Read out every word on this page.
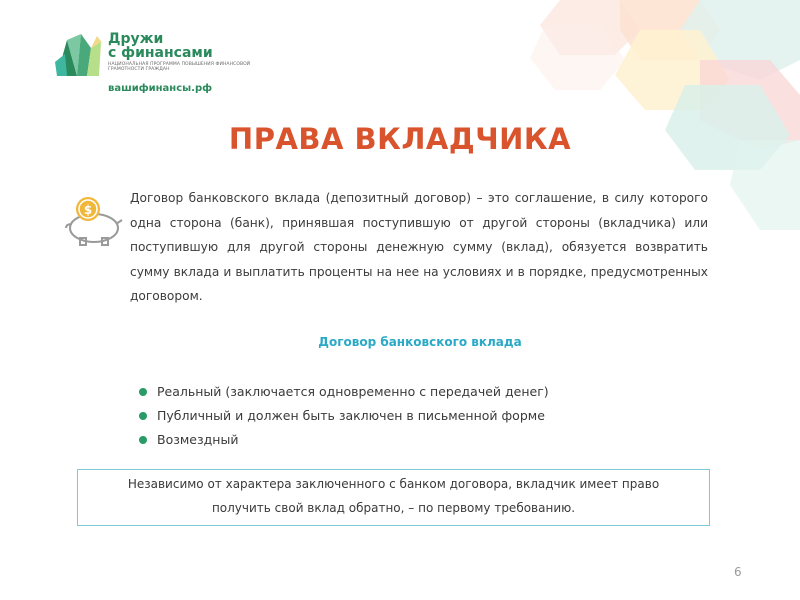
Дружи
с финансами
НАЦИОНАЛЬНАЯ ПРОГРАММА ПОВЫШЕНИЯ ФИНАНСОВОЙ ГРАМОТНОСТИ ГРАЖДАН
вашифинансы.рф
ПРАВА ВКЛАДЧИКА
$
Договор банковского вклада (депозитный договор) – это соглашение, в силу которого одна сторона (банк), принявшая поступившую от другой стороны (вкладчика) или поступившую для другой стороны денежную сумму (вклад), обязуется возвратить сумму вклада и выплатить проценты на нее на условиях и в порядке, предусмотренных договором.
Договор банковского вклада
Реальный (заключается одновременно с передачей денег)
Публичный и должен быть заключен в письменной форме
Возмездный
Независимо от характера заключенного с банком договора, вкладчик имеет право
получить свой вклад обратно, – по первому требованию.
6
